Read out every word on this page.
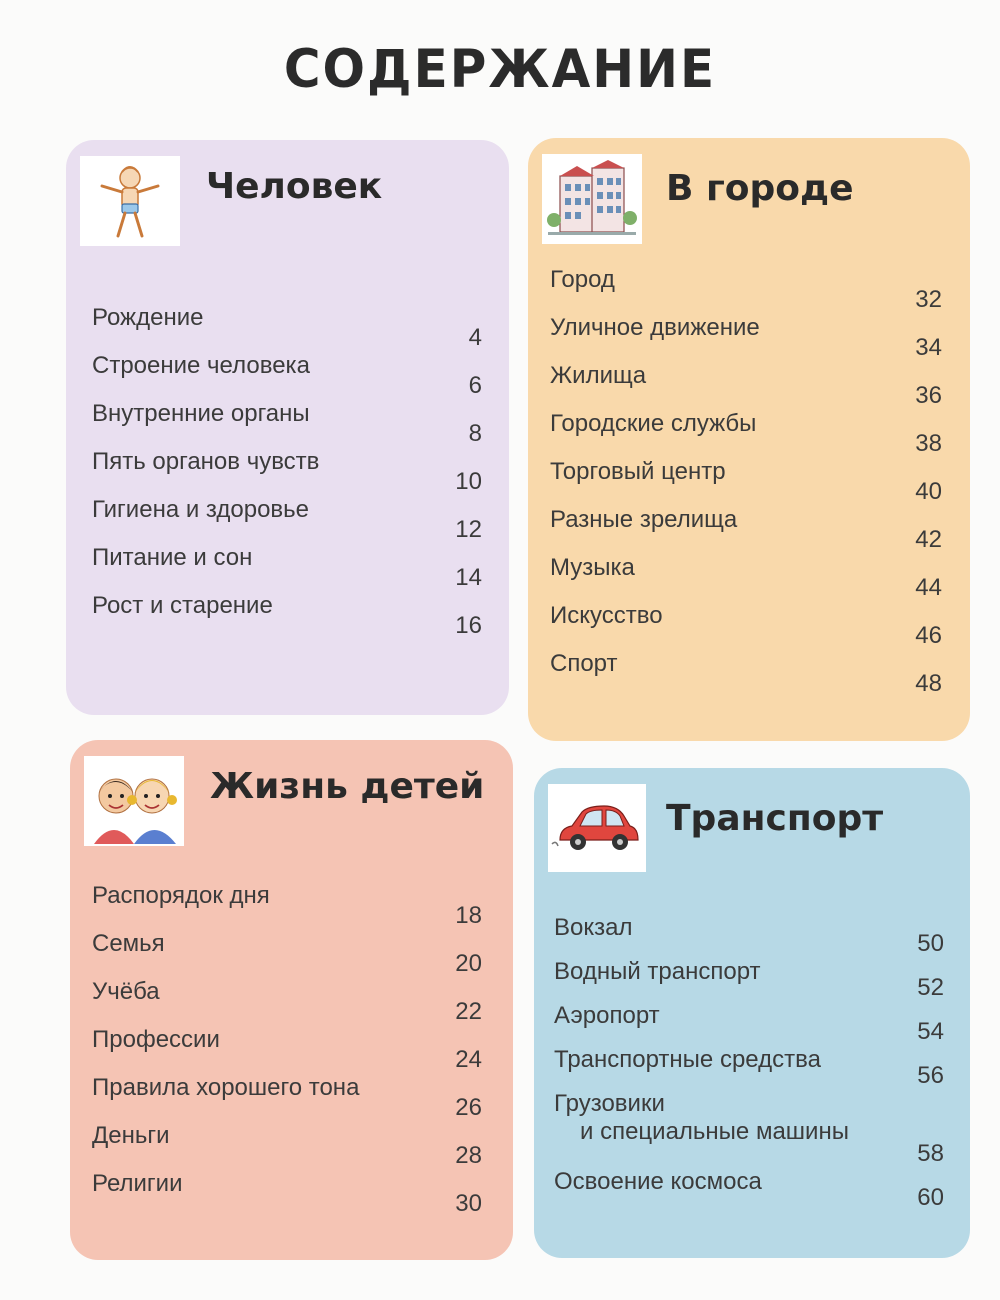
СОДЕРЖАНИЕ
Человек
Рождение
4
Строение человека
6
Внутренние органы
8
Пять органов чувств
10
Гигиена и здоровье
12
Питание и сон
14
Рост и старение
16
В городе
Город
32
Уличное движение
34
Жилища
36
Городские службы
38
Торговый центр
40
Разные зрелища
42
Музыка
44
Искусство
46
Спорт
48
Жизнь детей
Распорядок дня
18
Семья
20
Учёба
22
Профессии
24
Правила хорошего тона
26
Деньги
28
Религии
30
Транспорт
Вокзал
50
Водный транспорт
52
Аэропорт
54
Транспортные средства
56
Грузовики
и специальные машины
58
Освоение космоса
60
